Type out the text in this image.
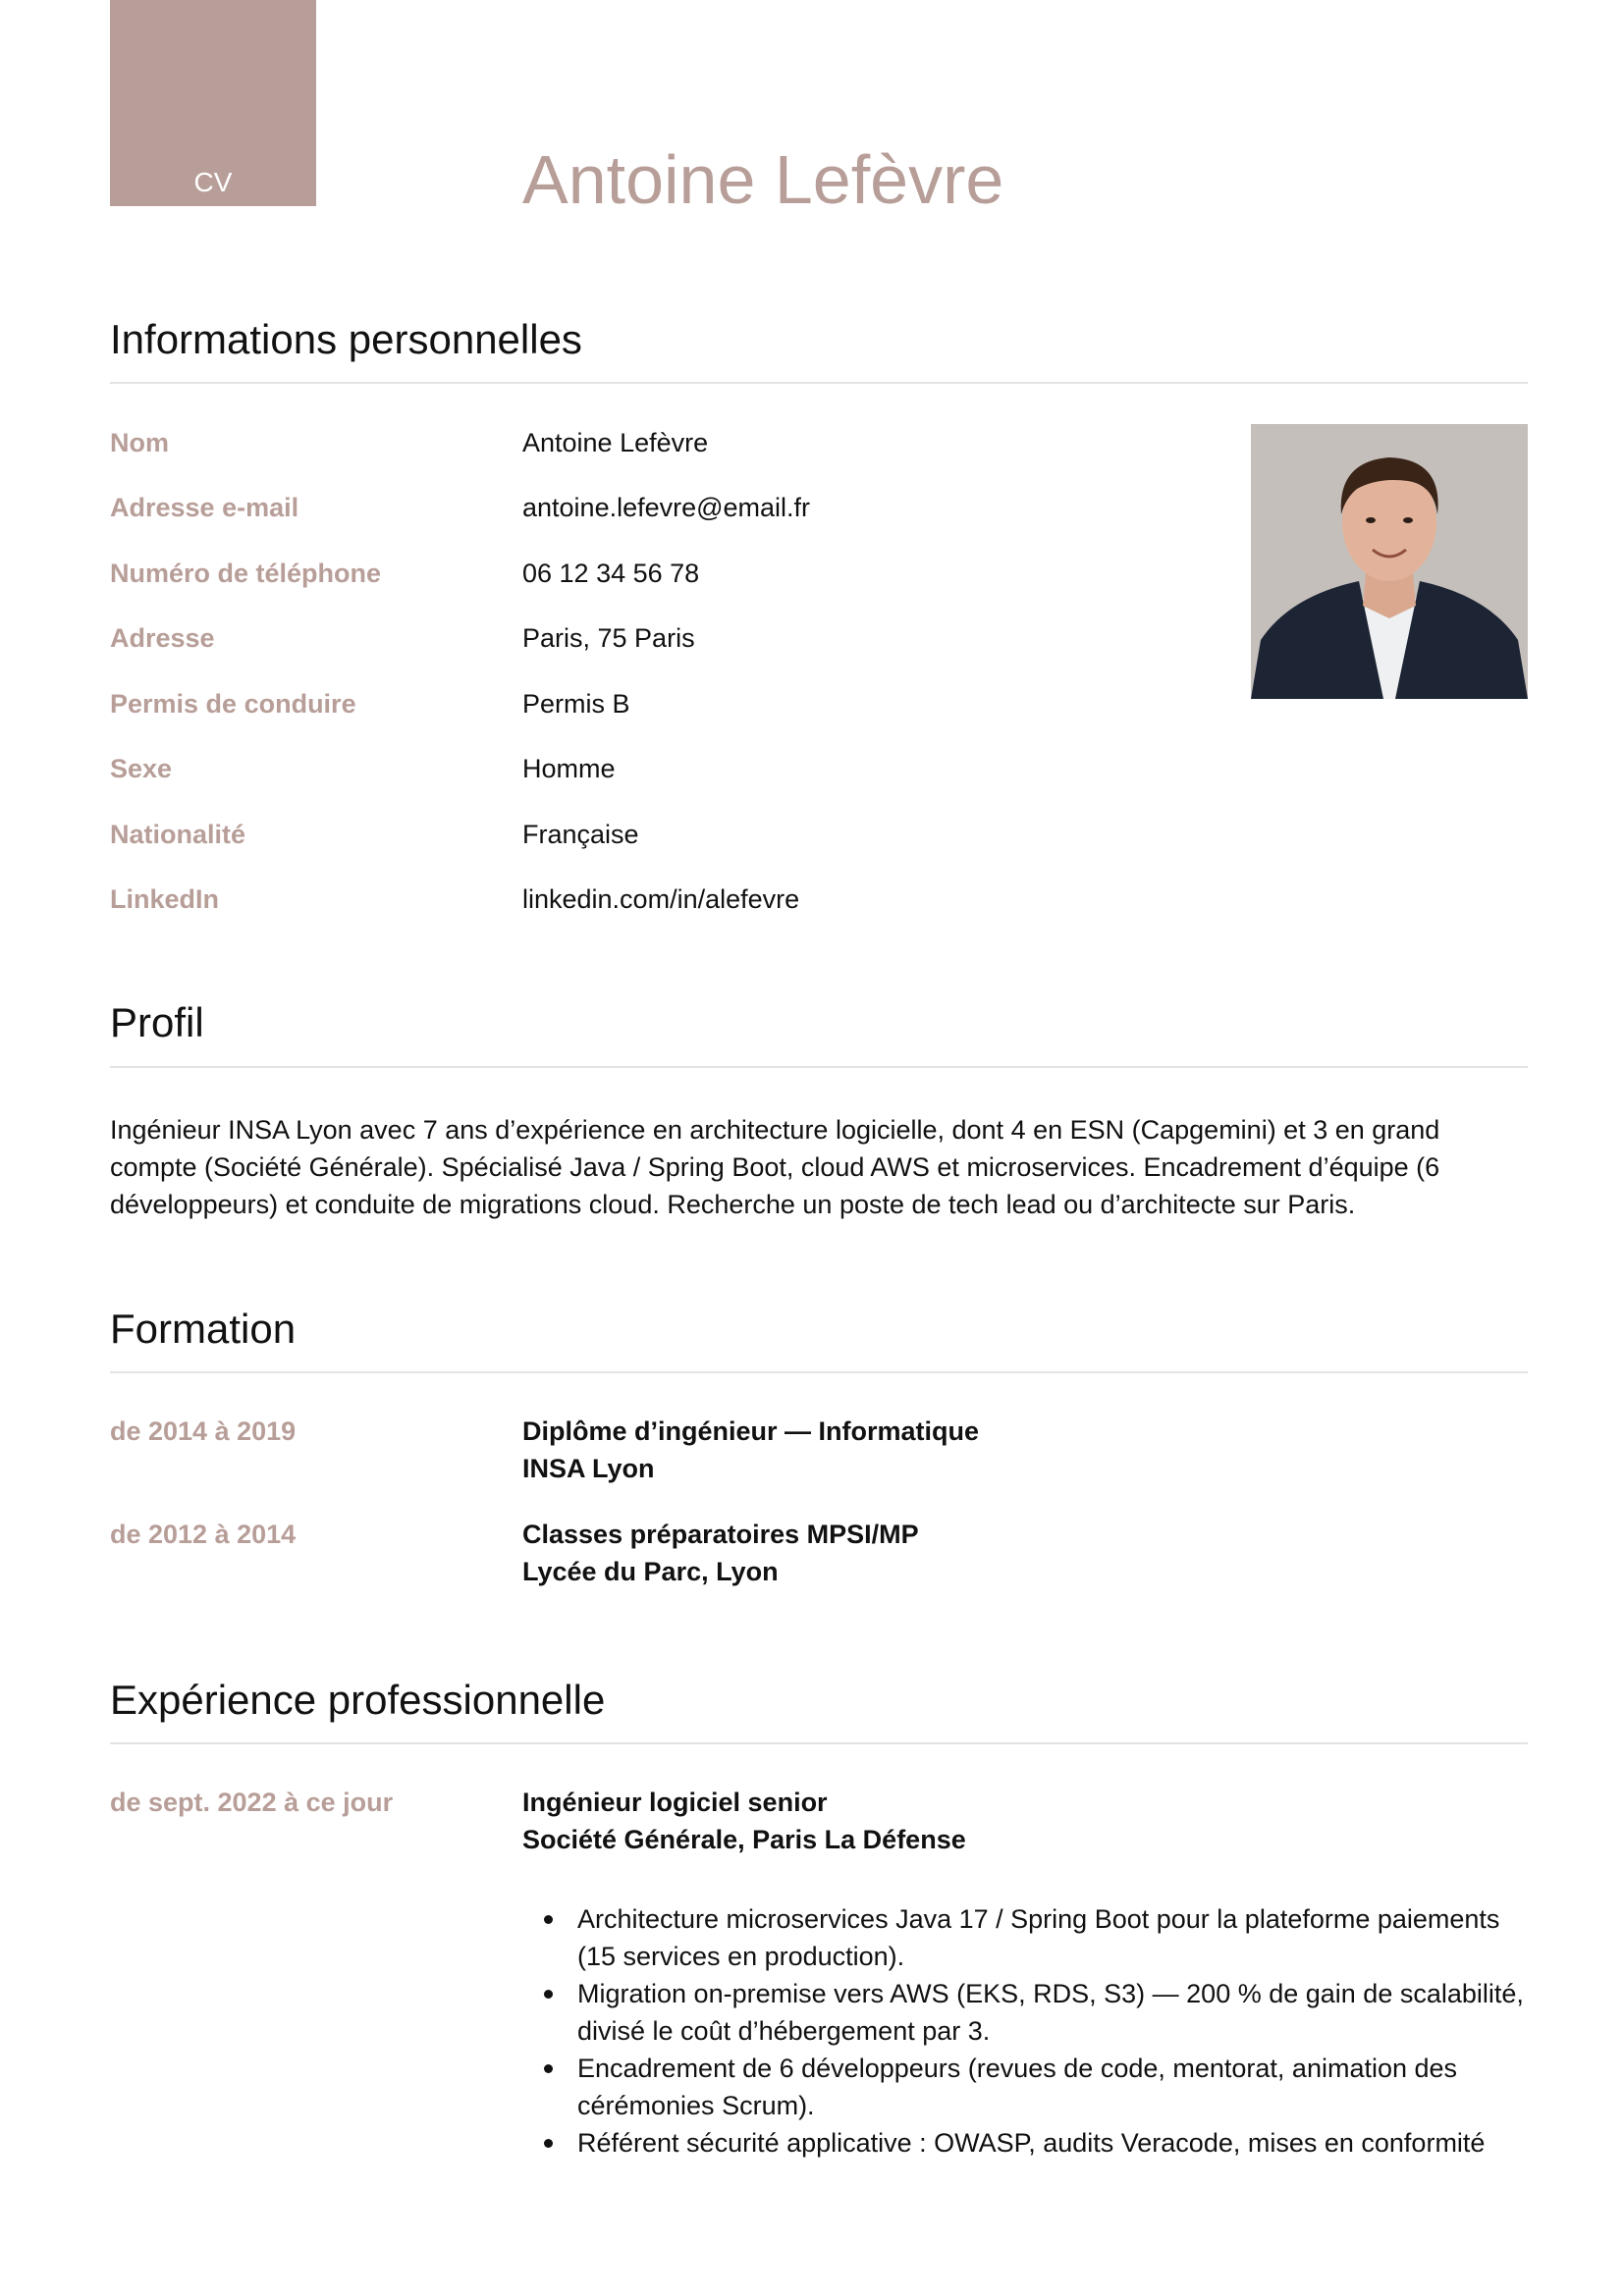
CV	Antoine Lefèvre
Informations personnelles
Nom	Antoine Lefèvre
Adresse e-mail	antoine.lefevre@email.fr
Numéro de téléphone	06 12 34 56 78
Adresse	Paris, 75 Paris
Permis de conduire	Permis B
Sexe	Homme
Nationalité	Française
LinkedIn	linkedin.com/in/alefevre
Profil

Ingénieur INSA Lyon avec 7 ans d’expérience en architecture logicielle, dont 4 en ESN (Capgemini) et 3 en grand compte (Société Générale). Spécialisé Java / Spring Boot, cloud AWS et microservices. Encadrement d’équipe (6 développeurs) et conduite de migrations cloud. Recherche un poste de tech lead ou d’architecte sur Paris.

Formation
de 2014 à 2019	Diplôme d’ingénieur — Informatique
INSA Lyon
de 2012 à 2014	Classes préparatoires MPSI/MP
Lycée du Parc, Lyon
Expérience professionnelle
de sept. 2022 à ce jour	Ingénieur logiciel senior
Société Générale, Paris La Défense
Architecture microservices Java 17 / Spring Boot pour la plateforme paiements (15 services en production).
Migration on-premise vers AWS (EKS, RDS, S3) — 200 % de gain de scalabilité, divisé le coût d’hébergement par 3.
Encadrement de 6 développeurs (revues de code, mentorat, animation des cérémonies Scrum).
Référent sécurité applicative : OWASP, audits Veracode, mises en conformité
